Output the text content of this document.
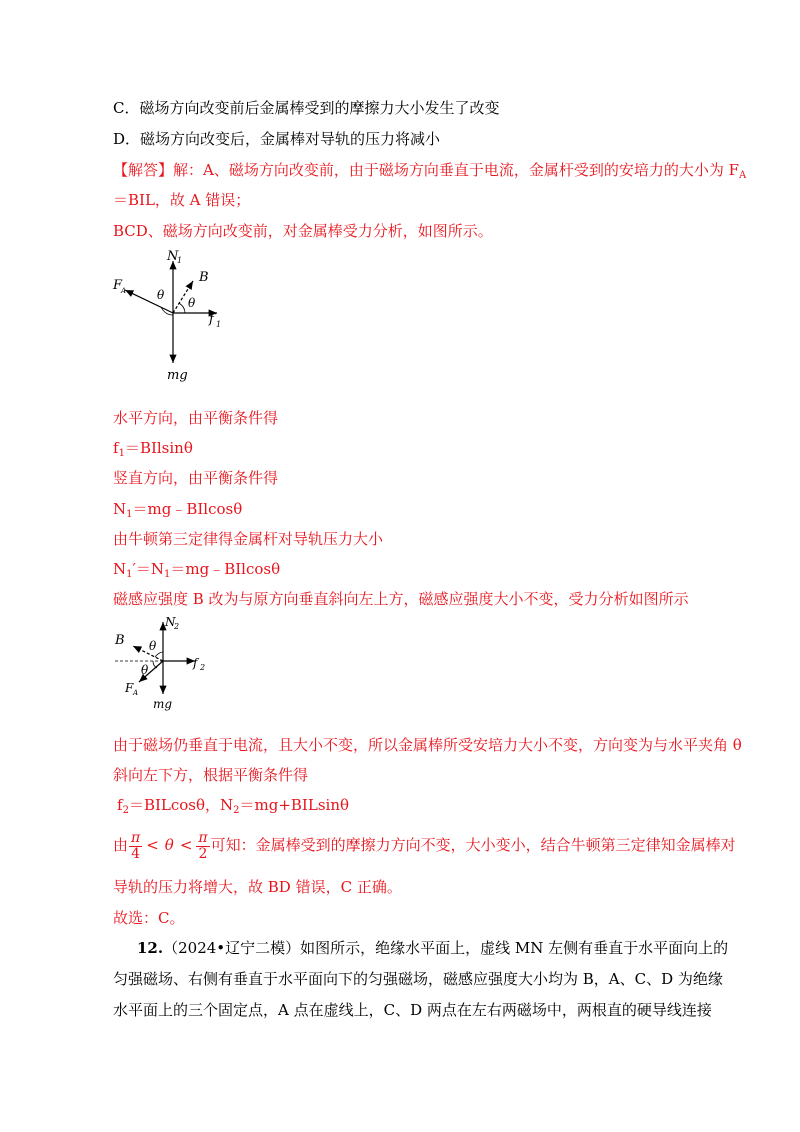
C．磁场方向改变前后金属棒受到的摩擦力大小发生了改变
D．磁场方向改变后，金属棒对导轨的压力将减小
【解答】解：A、磁场方向改变前，由于磁场方向垂直于电流，金属杆受到的安培力的大小为 $F_A$
＝BIL，故 A 错误；
BCD、磁场方向改变前，对金属棒受力分析，如图所示。
N
1
B
F
A	θ
θ
f 1
mg
水平方向，由平衡条件得
$f_1=BIlsin\theta$
竖直方向，由平衡条件得
$N_1=mg﹣BIlcos\theta$
由牛顿第三定律得金属杆对导轨压力大小
$N_1'=N_1=mg﹣BIlcos\theta$
磁感应强度 B 改为与原方向垂直斜向左上方，磁感应强度大小不变，受力分析如图所示
N
2
B θ
θ	f 2
F A
mg
由于磁场仍垂直于电流，且大小不变，所以金属棒所受安培力大小不变，方向变为与水平夹角 θ
斜向左下方，根据平衡条件得
$f_2=BILcos\theta$，$N_2=mg+BILsin\theta$
由 $\frac{\pi}{4} < \theta < \frac{\pi}{2}$ 可知：金属棒受到的摩擦力方向不变，大小变小，结合牛顿第三定律知金属棒对
导轨的压力将增大，故 BD 错误，C 正确。
故选：C。
12.（2024•辽宁二模）如图所示，绝缘水平面上，虚线 MN 左侧有垂直于水平面向上的
匀强磁场、右侧有垂直于水平面向下的匀强磁场，磁感应强度大小均为 B，A、C、D 为绝缘
水平面上的三个固定点，A 点在虚线上，C、D 两点在左右两磁场中，两根直的硬导线连接
